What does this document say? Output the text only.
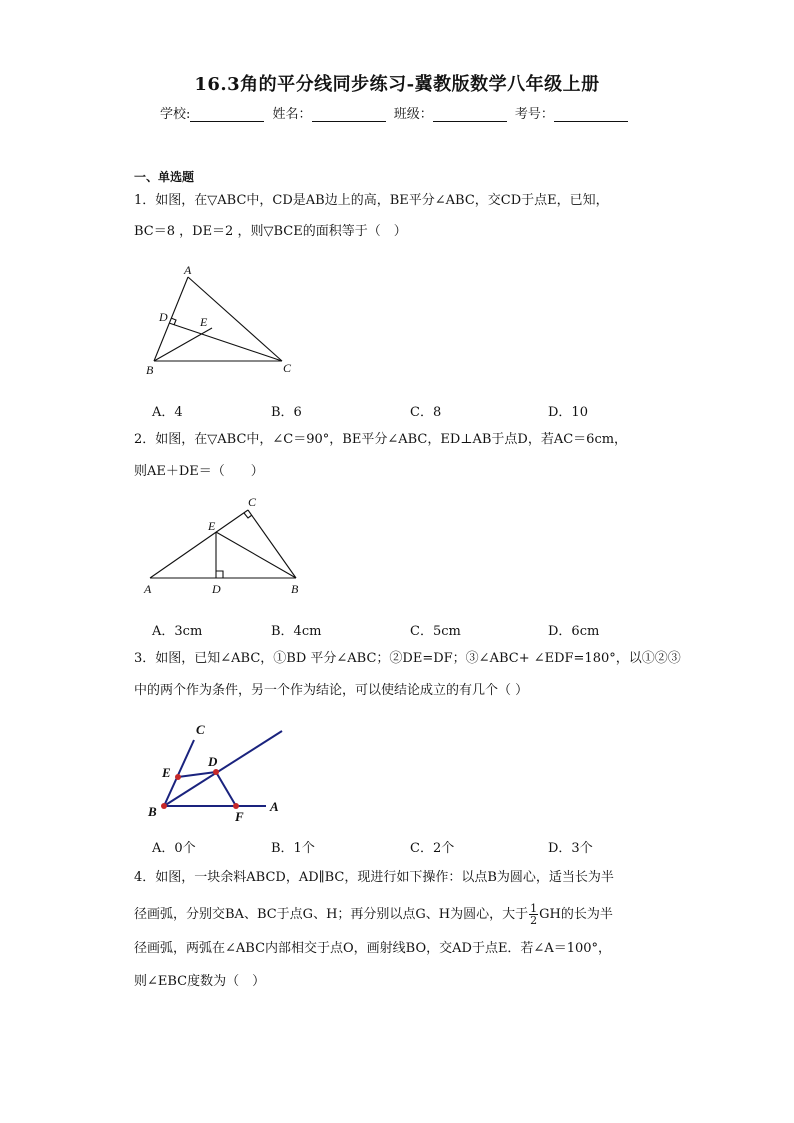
16.3角的平分线同步练习-冀教版数学八年级上册
学校:	姓名：	班级：	考号：
一、单选题
1．如图，在▽ABC中，CD是AB边上的高，BE平分∠ABC，交CD于点E，已知，
BC＝8 ，DE＝2 ，则▽BCE的面积等于（　）
A
D	E
B	C
A．4	B．6	C．8	D．10
2．如图，在▽ABC中，∠C＝90°，BE平分∠ABC，ED⊥AB于点D，若AC＝6cm，
则AE＋DE＝（　　）
C
E
A	D	B
A．3cm	B．4cm	C．5cm	D．6cm
3．如图，已知∠ABC，①BD 平分∠ABC；②DE=DF；③∠ABC+ ∠EDF=180°，以①②③
中的两个作为条件，另一个作为结论，可以使结论成立的有几个（ ）
C
E
D
B	F
A
A．0个	B．1个	C．2个	D．3个
4．如图，一块余料ABCD，AD∥BC，现进行如下操作：以点B为圆心，适当长为半
径画弧，分别交BA、BC于点G、H；再分别以点G、H为圆心，大于 $\frac{1}{2}$ GH的长为半
径画弧，两弧在∠ABC内部相交于点O，画射线BO，交AD于点E．若∠A＝100°，
则∠EBC度数为（　）
